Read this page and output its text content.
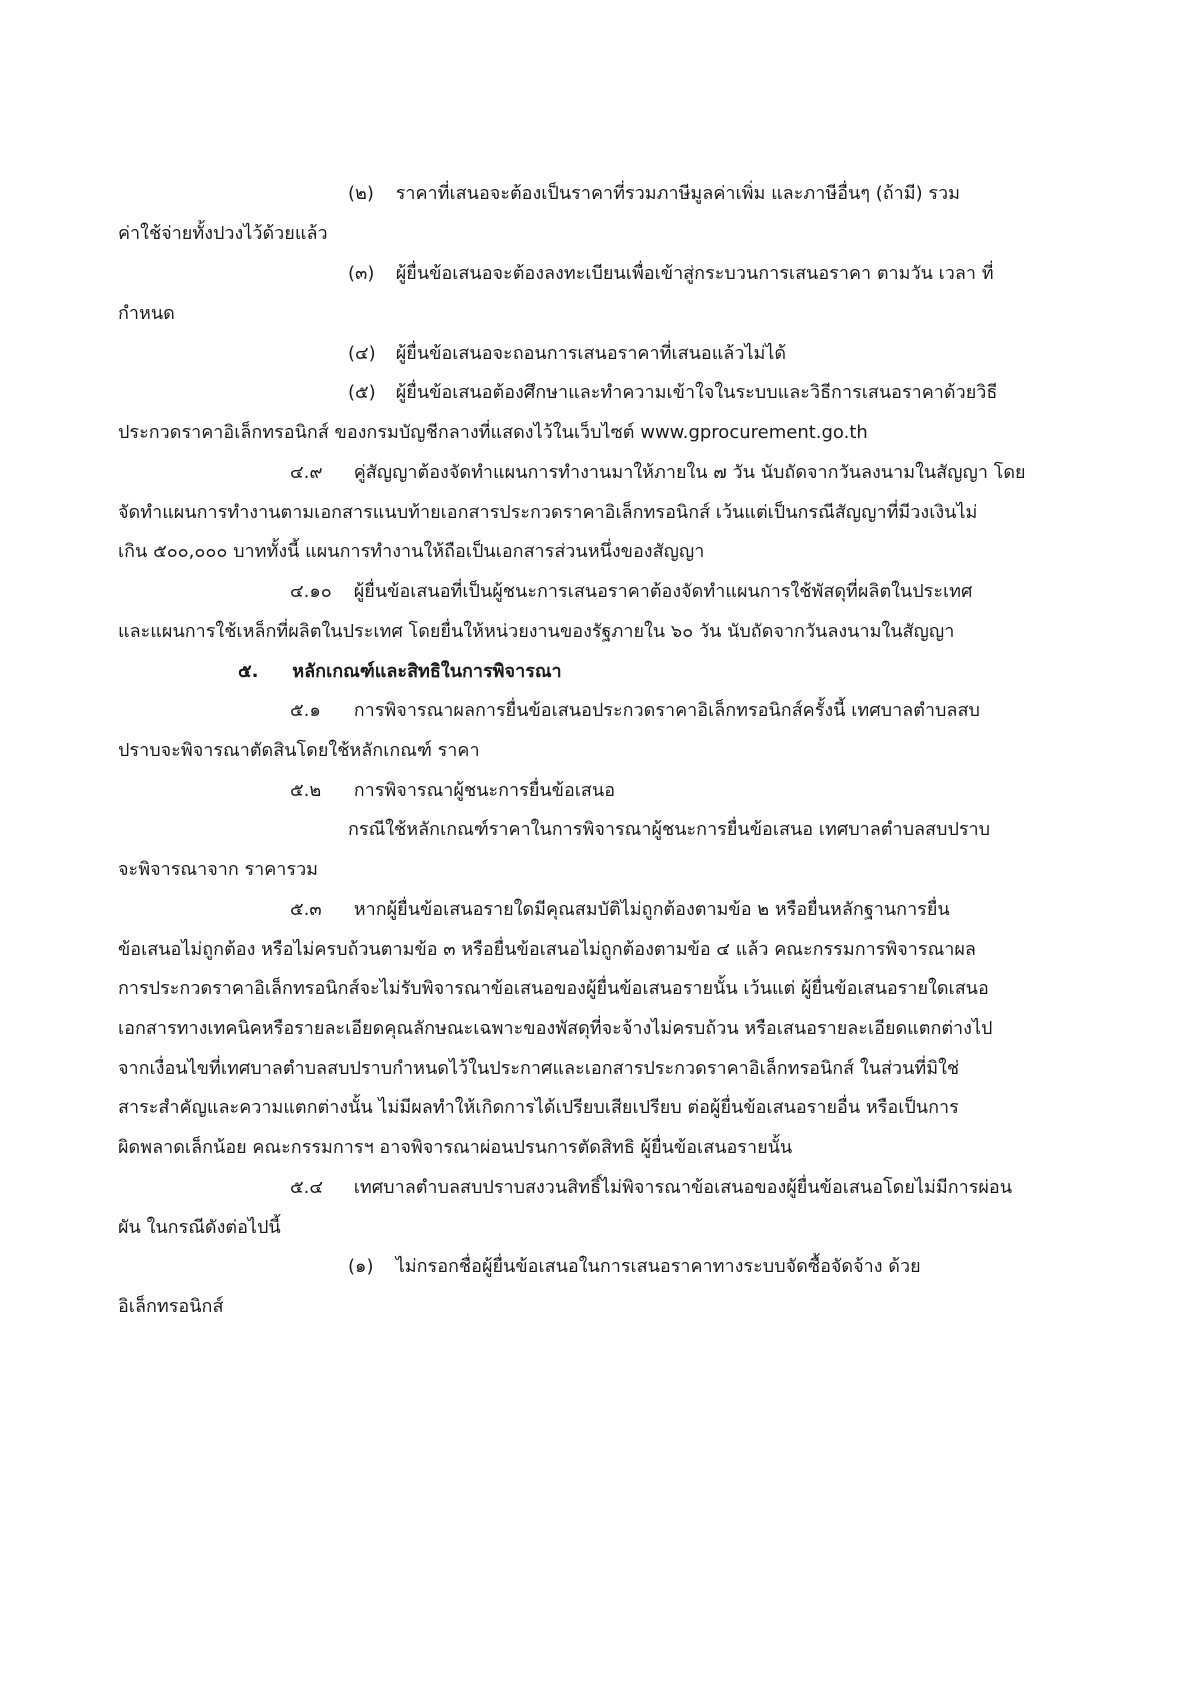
(๒) ราคาที่เสนอจะต้องเป็นราคาที่รวมภาษีมูลค่าเพิ่ม และภาษีอื่นๆ (ถ้ามี) รวม
ค่าใช้จ่ายทั้งปวงไว้ด้วยแล้ว
(๓) ผู้ยื่นข้อเสนอจะต้องลงทะเบียนเพื่อเข้าสู่กระบวนการเสนอราคา ตามวัน เวลา ที่
กำหนด
(๔) ผู้ยื่นข้อเสนอจะถอนการเสนอราคาที่เสนอแล้วไม่ได้
(๕) ผู้ยื่นข้อเสนอต้องศึกษาและทำความเข้าใจในระบบและวิธีการเสนอราคาด้วยวิธี
ประกวดราคาอิเล็กทรอนิกส์ ของกรมบัญชีกลางที่แสดงไว้ในเว็บไซต์ www.gprocurement.go.th
๔.๙ คู่สัญญาต้องจัดทำแผนการทำงานมาให้ภายใน ๗ วัน นับถัดจากวันลงนามในสัญญา โดย
จัดทำแผนการทำงานตามเอกสารแนบท้ายเอกสารประกวดราคาอิเล็กทรอนิกส์ เว้นแต่เป็นกรณีสัญญาที่มีวงเงินไม่
เกิน ๕๐๐,๐๐๐ บาททั้งนี้ แผนการทำงานให้ถือเป็นเอกสารส่วนหนึ่งของสัญญา
๔.๑๐ ผู้ยื่นข้อเสนอที่เป็นผู้ชนะการเสนอราคาต้องจัดทำแผนการใช้พัสดุที่ผลิตในประเทศ
และแผนการใช้เหล็กที่ผลิตในประเทศ โดยยื่นให้หน่วยงานของรัฐภายใน ๖๐ วัน นับถัดจากวันลงนามในสัญญา
๕. หลักเกณฑ์และสิทธิในการพิจารณา
๕.๑ การพิจารณาผลการยื่นข้อเสนอประกวดราคาอิเล็กทรอนิกส์ครั้งนี้ เทศบาลตำบลสบ
ปราบจะพิจารณาตัดสินโดยใช้หลักเกณฑ์ ราคา
๕.๒ การพิจารณาผู้ชนะการยื่นข้อเสนอ
กรณีใช้หลักเกณฑ์ราคาในการพิจารณาผู้ชนะการยื่นข้อเสนอ เทศบาลตำบลสบปราบ
จะพิจารณาจาก ราคารวม
๕.๓ หากผู้ยื่นข้อเสนอรายใดมีคุณสมบัติไม่ถูกต้องตามข้อ ๒ หรือยื่นหลักฐานการยื่น
ข้อเสนอไม่ถูกต้อง หรือไม่ครบถ้วนตามข้อ ๓ หรือยื่นข้อเสนอไม่ถูกต้องตามข้อ ๔ แล้ว คณะกรรมการพิจารณาผล
การประกวดราคาอิเล็กทรอนิกส์จะไม่รับพิจารณาข้อเสนอของผู้ยื่นข้อเสนอรายนั้น เว้นแต่ ผู้ยื่นข้อเสนอรายใดเสนอ
เอกสารทางเทคนิคหรือรายละเอียดคุณลักษณะเฉพาะของพัสดุที่จะจ้างไม่ครบถ้วน หรือเสนอรายละเอียดแตกต่างไป
จากเงื่อนไขที่เทศบาลตำบลสบปราบกำหนดไว้ในประกาศและเอกสารประกวดราคาอิเล็กทรอนิกส์ ในส่วนที่มิใช่
สาระสำคัญและความแตกต่างนั้น ไม่มีผลทำให้เกิดการได้เปรียบเสียเปรียบ ต่อผู้ยื่นข้อเสนอรายอื่น หรือเป็นการ
ผิดพลาดเล็กน้อย คณะกรรมการฯ อาจพิจารณาผ่อนปรนการตัดสิทธิ ผู้ยื่นข้อเสนอรายนั้น
๕.๔ เทศบาลตำบลสบปราบสงวนสิทธิ์ไม่พิจารณาข้อเสนอของผู้ยื่นข้อเสนอโดยไม่มีการผ่อน
ผัน ในกรณีดังต่อไปนี้
(๑) ไม่กรอกชื่อผู้ยื่นข้อเสนอในการเสนอราคาทางระบบจัดซื้อจัดจ้าง ด้วย
อิเล็กทรอนิกส์
